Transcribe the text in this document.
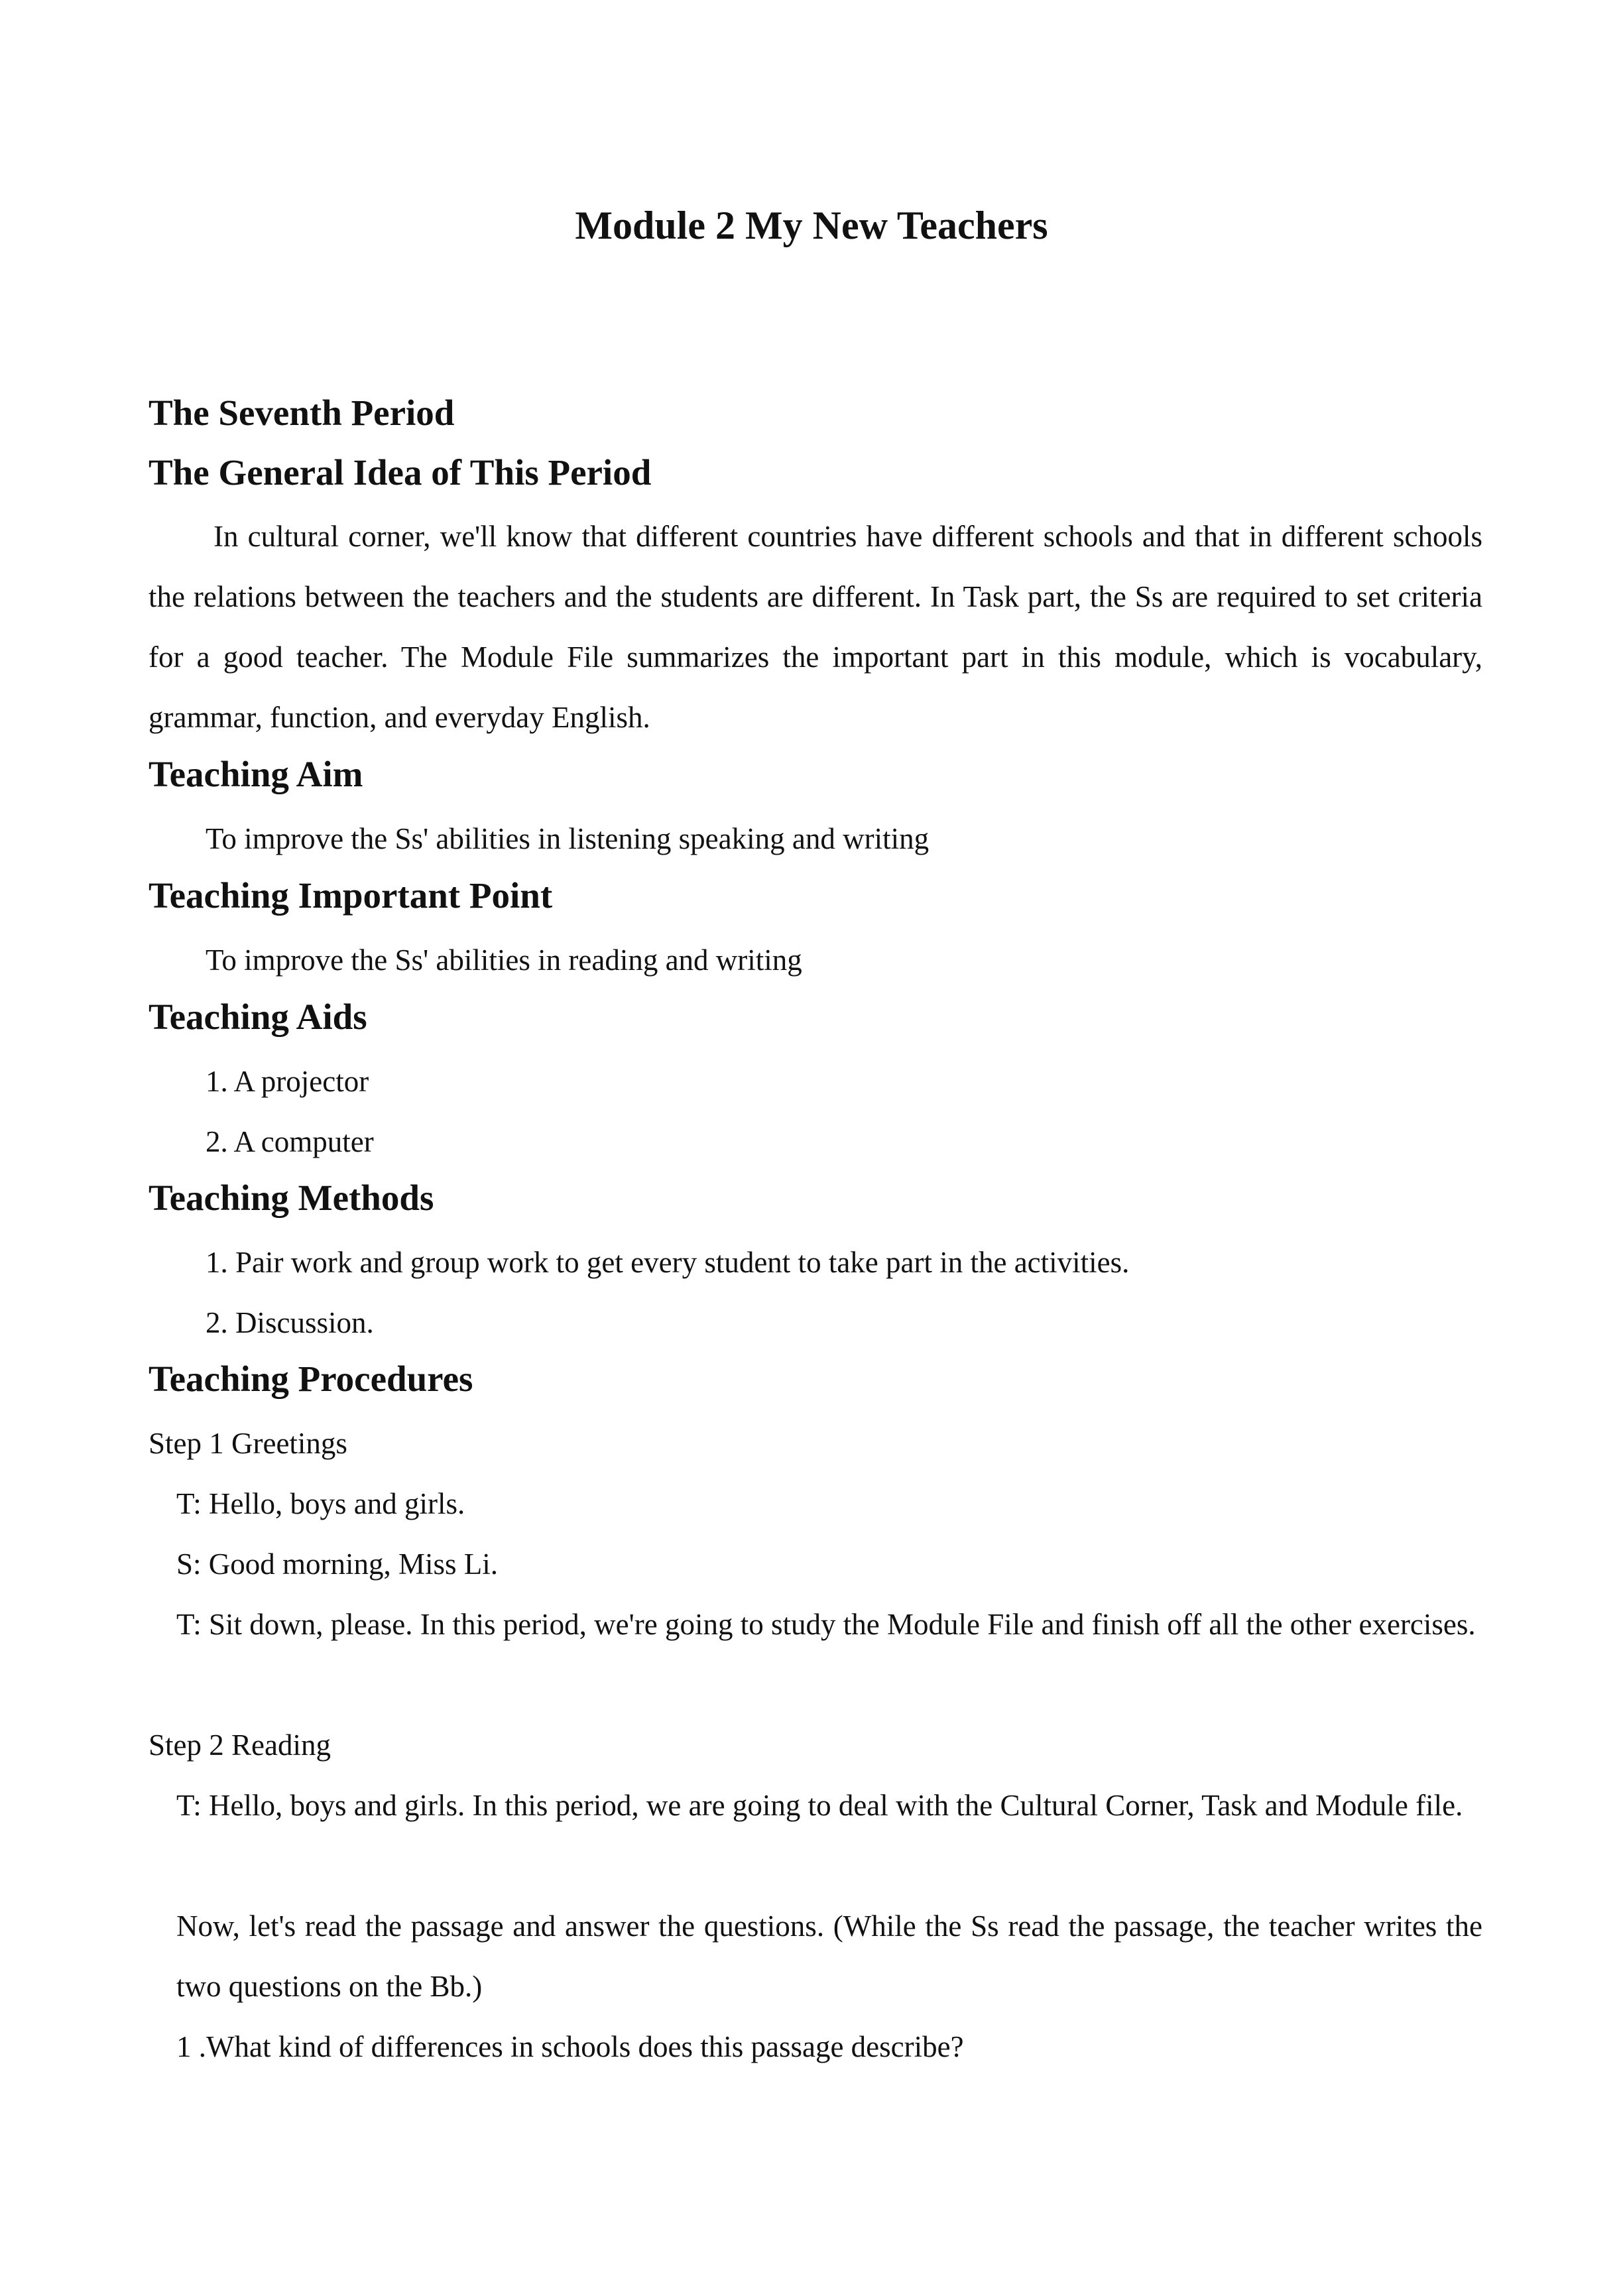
Module 2 My New Teachers
The Seventh Period
The General Idea of This Period

In cultural corner, we'll know that different countries have different schools and that in different schools the relations between the teachers and the students are different. In Task part, the Ss are required to set criteria for a good teacher. The Module File summarizes the important part in this module, which is vocabulary, grammar, function, and everyday English.

Teaching Aim

To improve the Ss' abilities in listening speaking and writing

Teaching Important Point

To improve the Ss' abilities in reading and writing

Teaching Aids

1. A projector

2. A computer

Teaching Methods

1. Pair work and group work to get every student to take part in the activities.

2. Discussion.

Teaching Procedures

Step 1 Greetings

T: Hello, boys and girls.

S: Good morning, Miss Li.

T: Sit down, please. In this period, we're going to study the Module File and finish off all the other exercises.

Step 2 Reading

T: Hello, boys and girls. In this period, we are going to deal with the Cultural Corner, Task and Module file.

Now, let's read the passage and answer the questions. (While the Ss read the passage, the teacher writes the two questions on the Bb.)

1 .What kind of differences in schools does this passage describe?
